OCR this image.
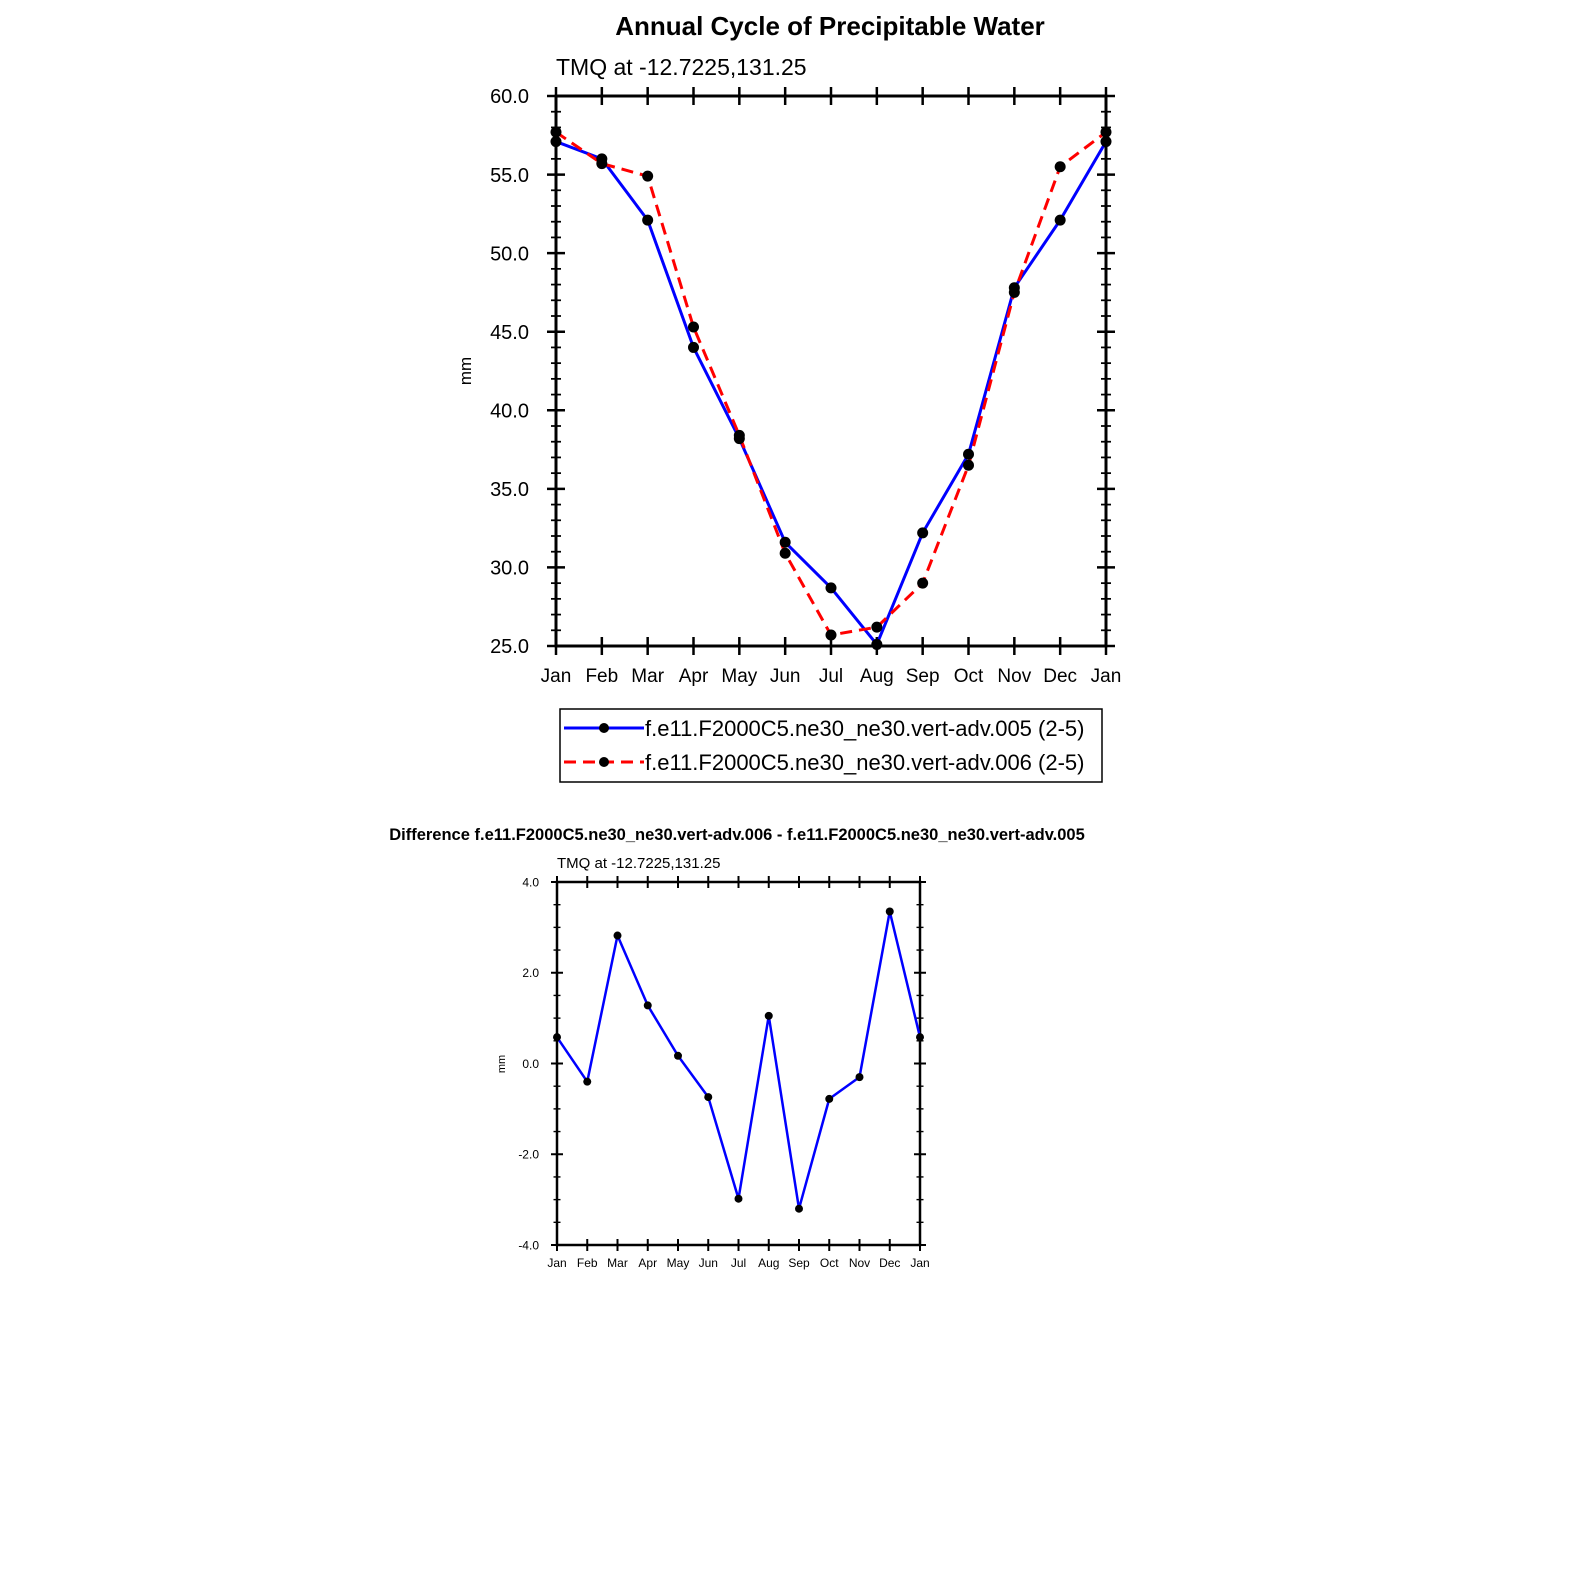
Annual Cycle of Precipitable Water
TMQ at -12.7225,131.25
mm
60.0
55.0
50.0
45.0
40.0
35.0
30.0
25.0
Jan Feb Mar Apr May Jun Jul Aug Sep Oct Nov Dec Jan
f.e11.F2000C5.ne30_ne30.vert-adv.005 (2-5)
f.e11.F2000C5.ne30_ne30.vert-adv.006 (2-5)
Difference f.e11.F2000C5.ne30_ne30.vert-adv.006 - f.e11.F2000C5.ne30_ne30.vert-adv.005
TMQ at -12.7225,131.25
mm
4.0
2.0
0.0
-2.0
-4.0
Jan Feb Mar Apr May Jun Jul Aug Sep Oct Nov Dec Jan
